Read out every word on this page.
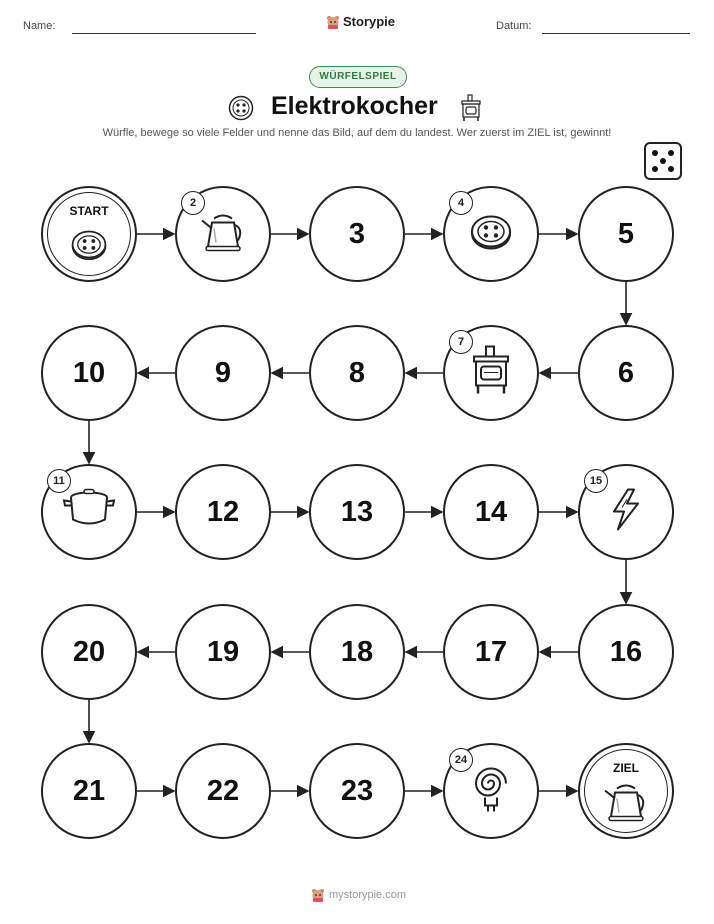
Name:	Storypie	Datum:
WÜRFELSPIEL
Elektrokocher
Würfle, bewege so viele Felder und nenne das Bild, auf dem du landest. Wer zuerst im ZIEL ist, gewinnt!
START
2
3
4
5
6
7
8
9
10
11
12	13	14
15
16
17
18
19
20
21	22	23
24
ZIEL
mystorypie.com
